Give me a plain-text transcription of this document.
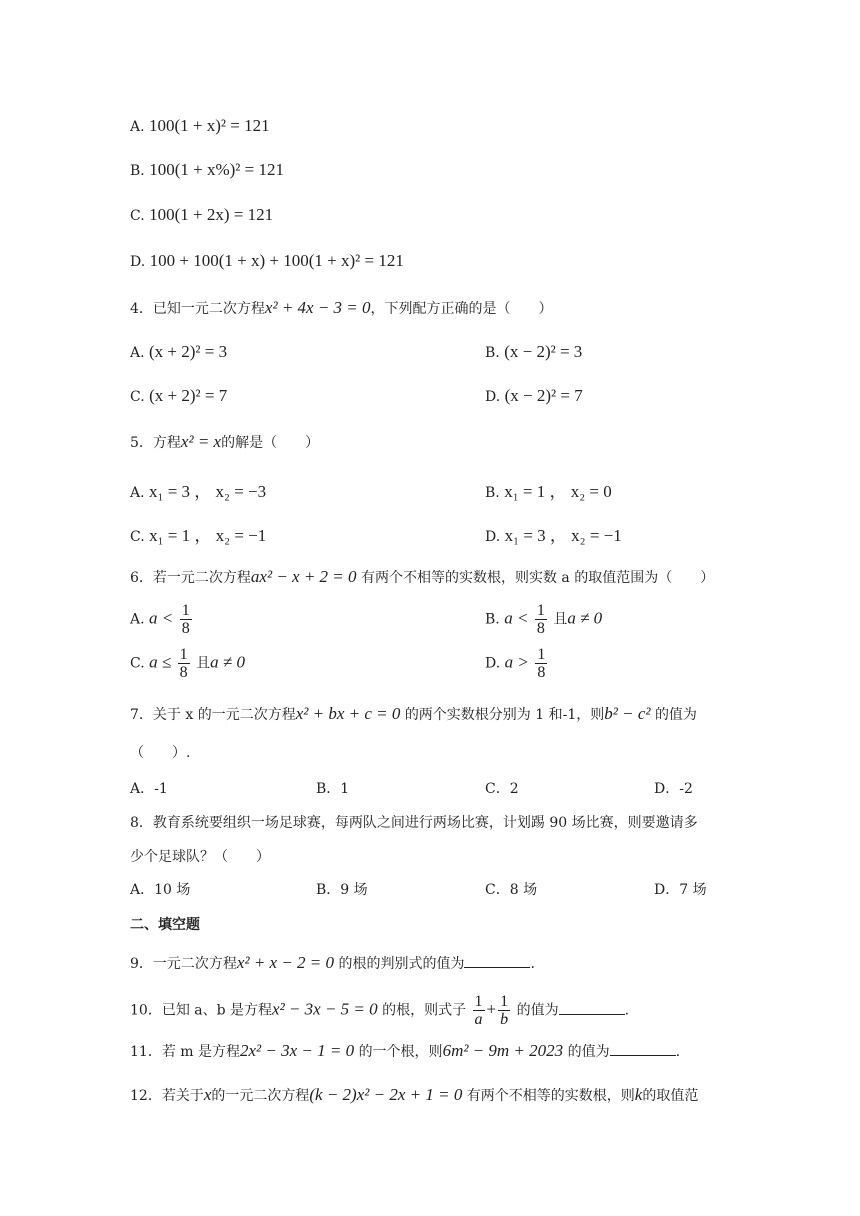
A. 100(1 + x)² = 121
B. 100(1 + x%)² = 121
C. 100(1 + 2x) = 121
D. 100 + 100(1 + x) + 100(1 + x)² = 121
4．已知一元二次方程x² + 4x − 3 = 0，下列配方正确的是（　　）
A. (x + 2)² = 3	B. (x − 2)² = 3
C. (x + 2)² = 7	D. (x − 2)² = 7
5．方程x² = x的解是（　　）
A. x₁ = 3 ， x₂ = −3	B. x₁ = 1 ， x₂ = 0
C. x₁ = 1 ， x₂ = −1	D. x₁ = 3 ， x₂ = −1
6．若一元二次方程ax² − x + 2 = 0 有两个不相等的实数根，则实数 a 的取值范围为（　　）
A. $a < \frac{1}{8}$	B. $a < \frac{1}{8}$ 且a ≠ 0
C. $a \le \frac{1}{8}$ 且a ≠ 0	D. $a > \frac{1}{8}$
7．关于 x 的一元二次方程x² + bx + c = 0 的两个实数根分别为 1 和-1，则b² − c² 的值为
（　　）.
A．-1	B．1	C．2	D．-2
8．教育系统要组织一场足球赛，每两队之间进行两场比赛，计划踢 90 场比赛，则要邀请多
少个足球队？（　　）
A．10 场	B．9 场	C．8 场	D．7 场
二、填空题
9．一元二次方程x² + x − 2 = 0 的根的判别式的值为	.
10．已知 a、b 是方程x² − 3x − 5 = 0 的根，则式子 $\frac{1}{a} + \frac{1}{b}$ 的值为	.
11．若 m 是方程2x² − 3x − 1 = 0 的一个根，则6m² − 9m + 2023 的值为	.
12．若关于x的一元二次方程(k − 2)x² − 2x + 1 = 0 有两个不相等的实数根，则k的取值范
